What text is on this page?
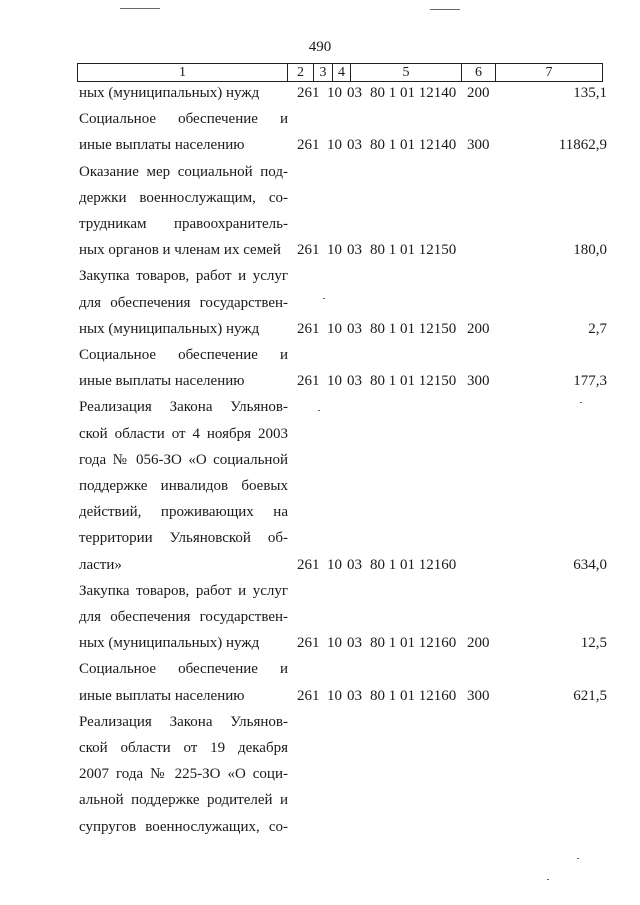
490
1	2	3 4	5	6	7
ных (муниципальных) нужд	261 10 03 80 1 01 12140 200	135,1
Социальное обеспечение и
иные выплаты населению	261 10 03 80 1 01 12140 300	11862,9
Оказание мер социальной под-
держки военнослужащим, со-
трудникам правоохранитель-
ных органов и членам их семей	261 10 03 80 1 01 12150	180,0
Закупка товаров, работ и услуг
для обеспечения государствен-
ных (муниципальных) нужд	261 10 03 80 1 01 12150 200	2,7
Социальное обеспечение и
иные выплаты населению	261 10 03 80 1 01 12150 300	177,3
Реализация Закона Ульянов-
ской области от 4 ноября 2003
года № 056-ЗО «О социальной
поддержке инвалидов боевых
действий, проживающих на
территории Ульяновской об-
ласти»	261 10 03 80 1 01 12160	634,0
Закупка товаров, работ и услуг
для обеспечения государствен-
ных (муниципальных) нужд	261 10 03 80 1 01 12160 200	12,5
Социальное обеспечение и
иные выплаты населению	261 10 03 80 1 01 12160 300	621,5
Реализация Закона Ульянов-
ской области от 19 декабря
2007 года № 225-ЗО «О соци-
альной поддержке родителей и
супругов военнослужащих, со-
